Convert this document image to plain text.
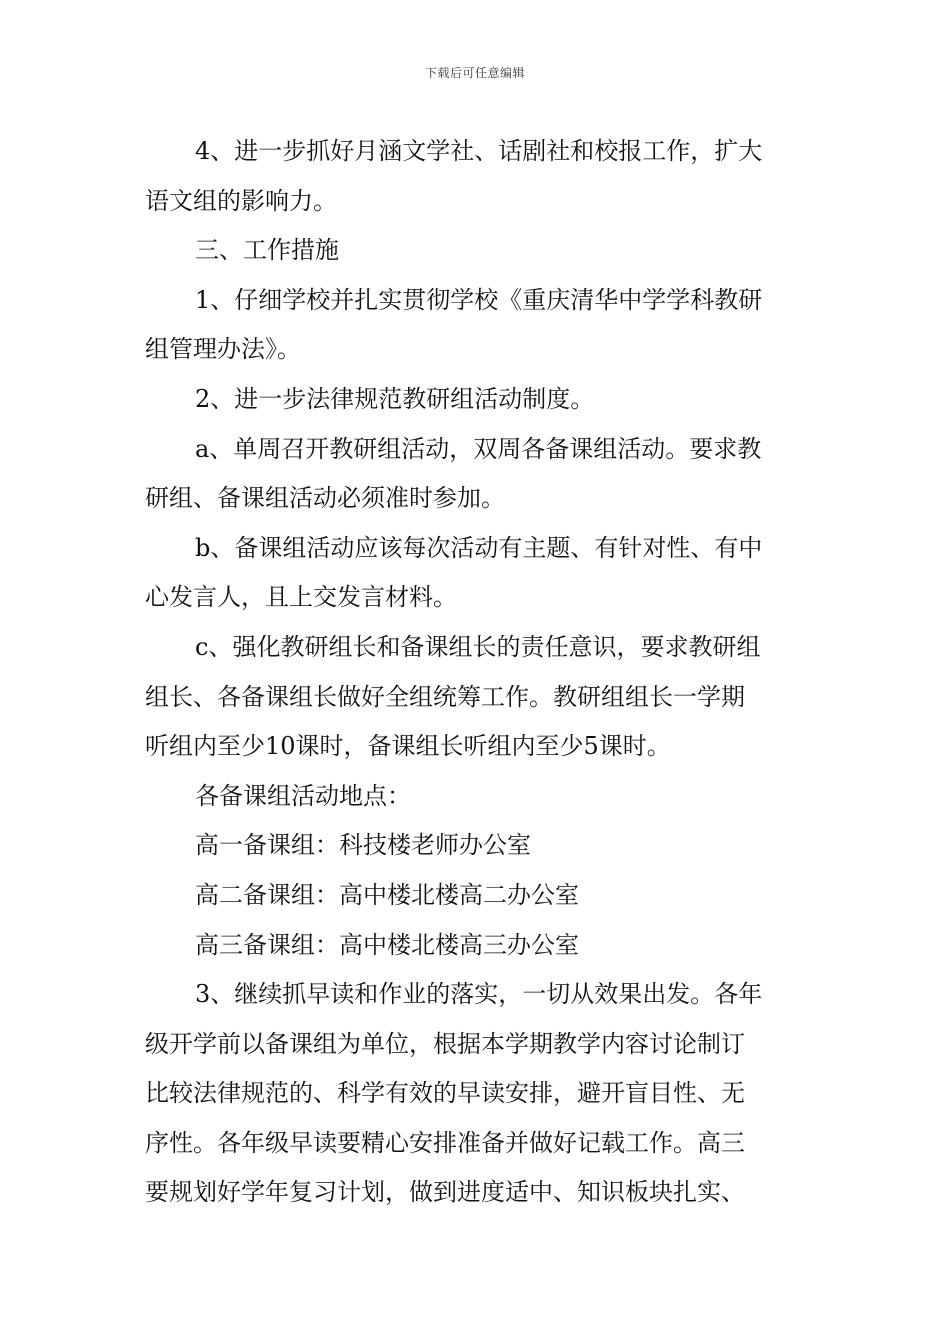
下载后可任意编辑
4、进一步抓好月涵文学社、话剧社和校报工作，扩大
语文组的影响力。
三、工作措施
1、仔细学校并扎实贯彻学校《重庆清华中学学科教研
组管理办法》。
2、进一步法律规范教研组活动制度。
a、单周召开教研组活动，双周各备课组活动。要求教
研组、备课组活动必须准时参加。
b、备课组活动应该每次活动有主题、有针对性、有中
心发言人，且上交发言材料。
c、强化教研组长和备课组长的责任意识，要求教研组
组长、各备课组长做好全组统筹工作。教研组组长一学期
听组内至少10课时，备课组长听组内至少5课时。
各备课组活动地点：
高一备课组：科技楼老师办公室
高二备课组：高中楼北楼高二办公室
高三备课组：高中楼北楼高三办公室
3、继续抓早读和作业的落实，一切从效果出发。各年
级开学前以备课组为单位，根据本学期教学内容讨论制订
比较法律规范的、科学有效的早读安排，避开盲目性、无
序性。各年级早读要精心安排准备并做好记载工作。高三
要规划好学年复习计划，做到进度适中、知识板块扎实、
